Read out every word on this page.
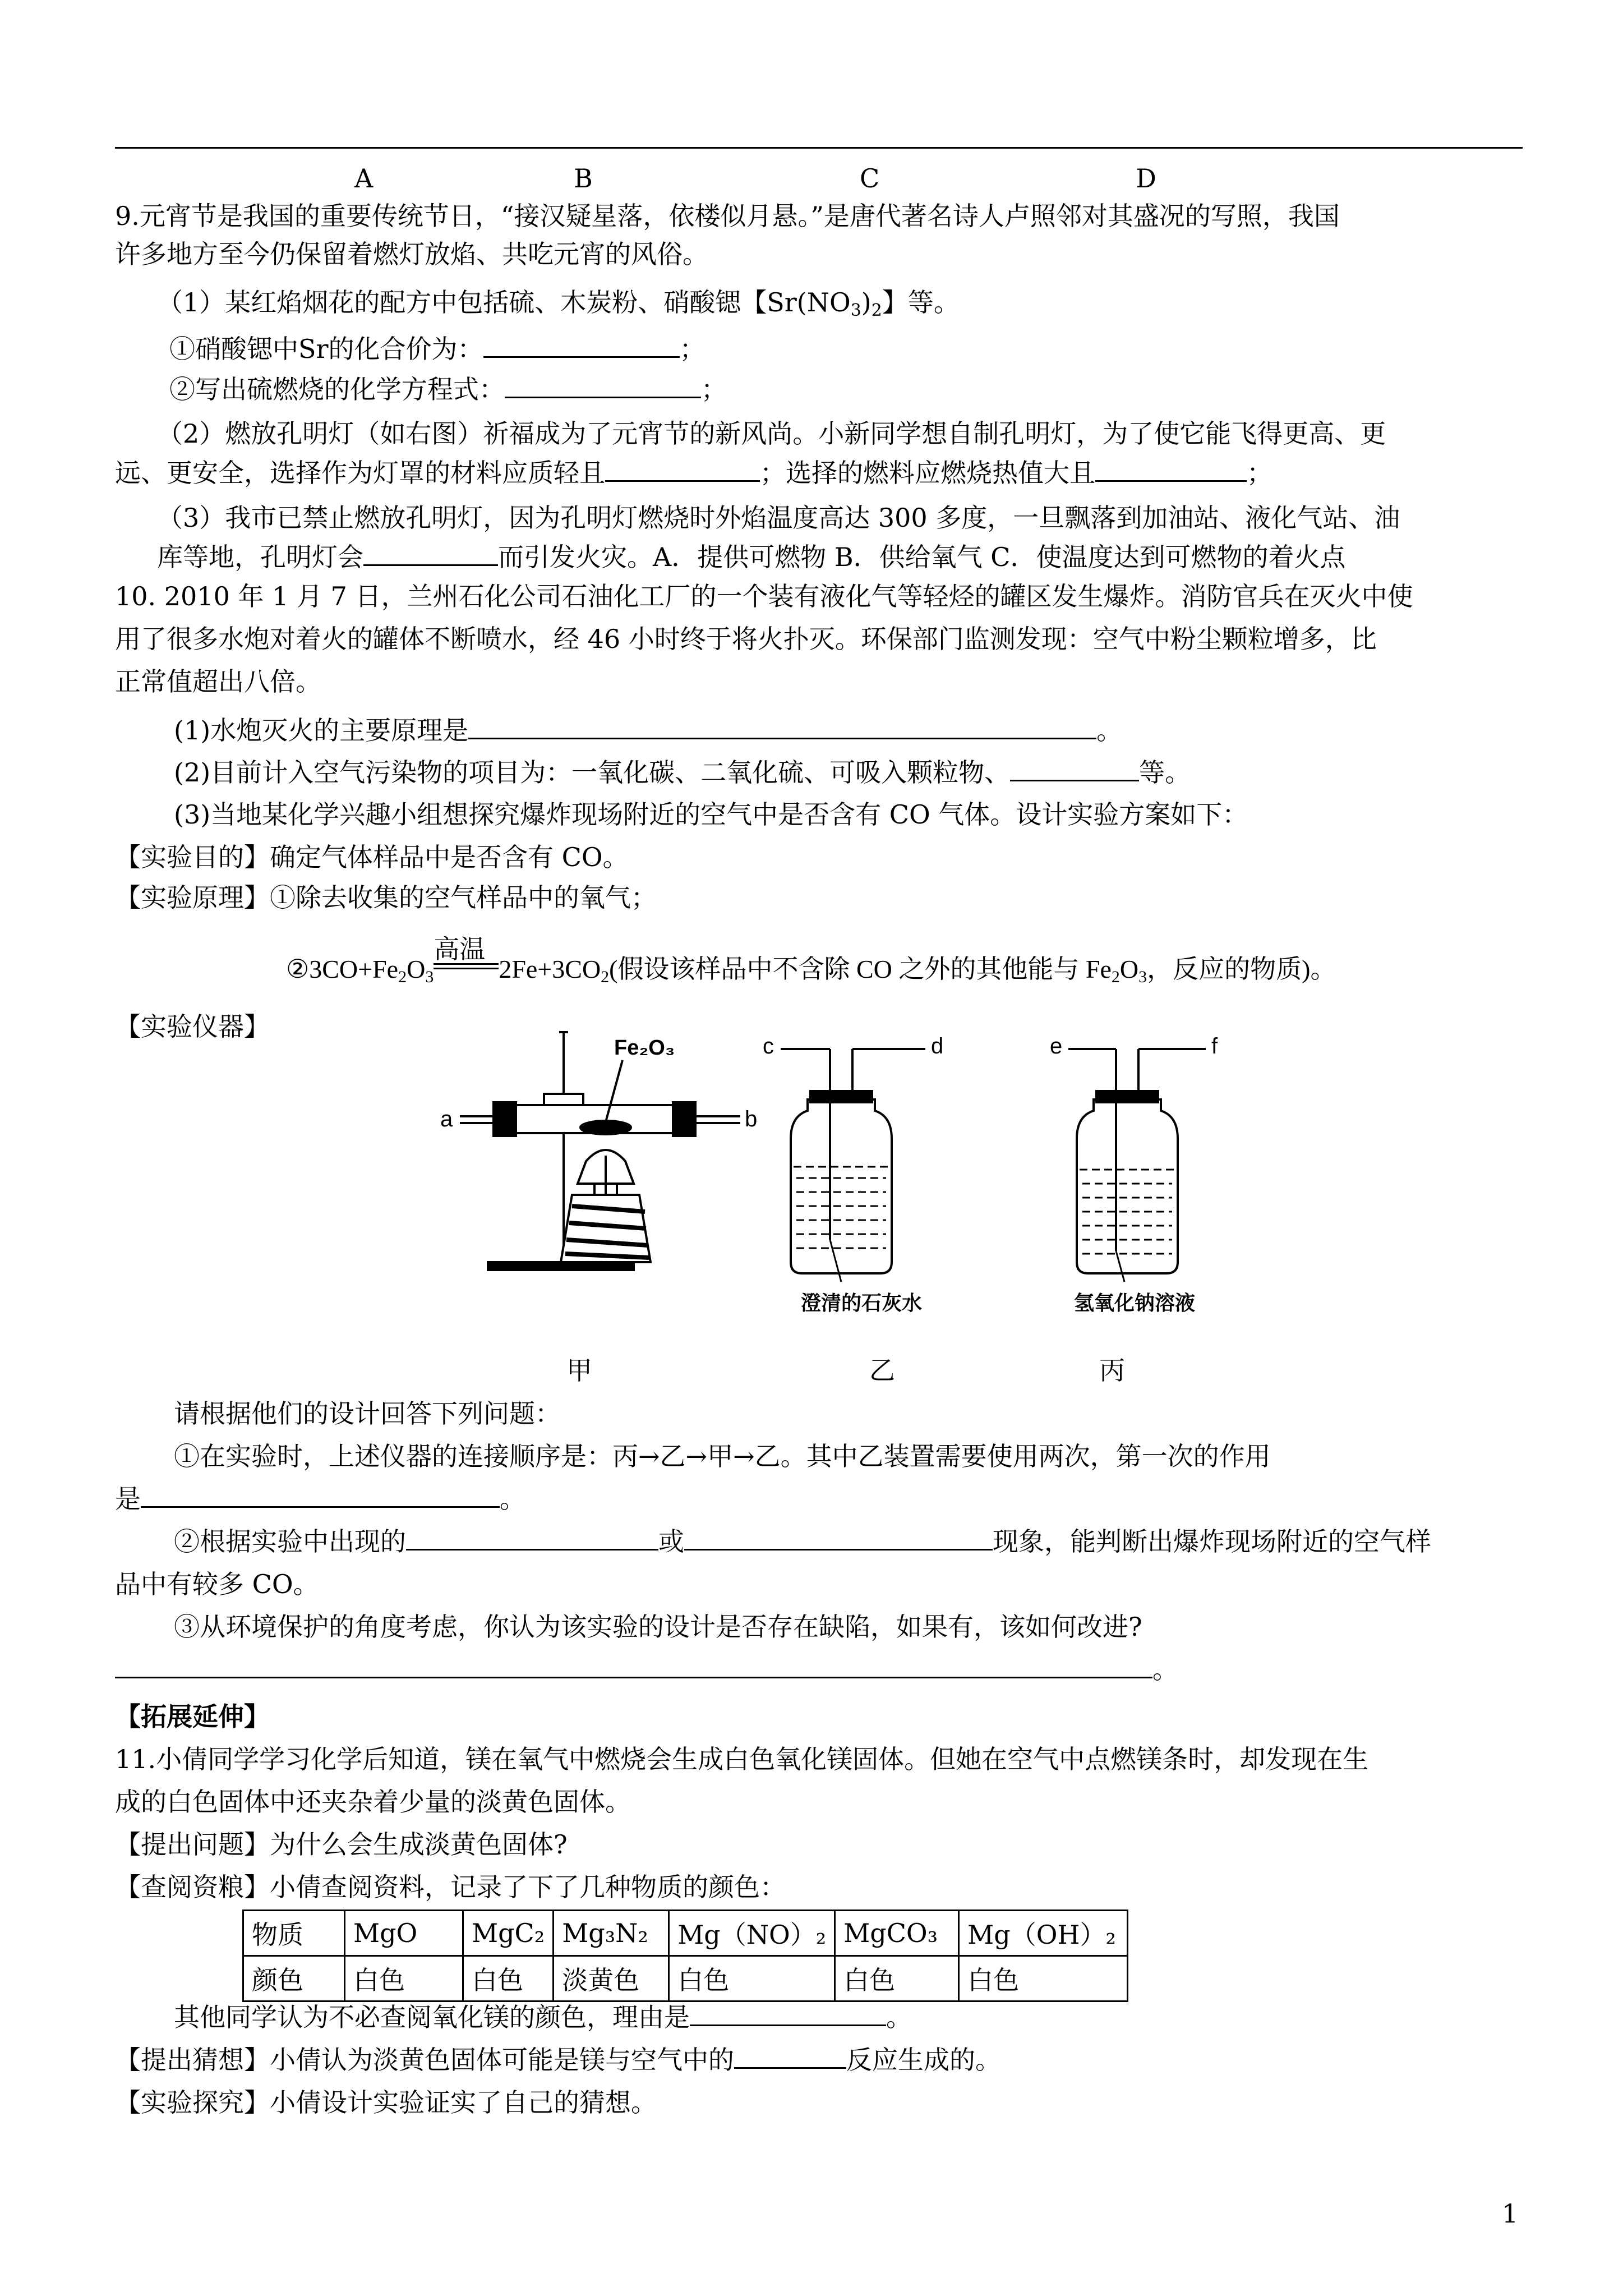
A	B	C	D
9.元宵节是我国的重要传统节日，“接汉疑星落，依楼似月悬。”是唐代著名诗人卢照邻对其盛况的写照，我国
许多地方至今仍保留着燃灯放焰、共吃元宵的风俗。
（1）某红焰烟花的配方中包括硫、木炭粉、硝酸锶【$Sr(NO_3)_2$】等。
①硝酸锶中Sr的化合价为：	；
②写出硫燃烧的化学方程式：	；
（2）燃放孔明灯（如右图）祈福成为了元宵节的新风尚。小新同学想自制孔明灯，为了使它能飞得更高、更
远、更安全，选择作为灯罩的材料应质轻且	；选择的燃料应燃烧热值大且	；
（3）我市已禁止燃放孔明灯，因为孔明灯燃烧时外焰温度高达 300 多度，一旦飘落到加油站、液化气站、油
库等地，孔明灯会	而引发火灾。A．提供可燃物 B．供给氧气 C．使温度达到可燃物的着火点
10. 2010 年 1 月 7 日，兰州石化公司石油化工厂的一个装有液化气等轻烃的罐区发生爆炸。消防官兵在灭火中使
用了很多水炮对着火的罐体不断喷水，经 46 小时终于将火扑灭。环保部门监测发现：空气中粉尘颗粒增多，比
正常值超出八倍。
(1)水炮灭火的主要原理是	。
(2)目前计入空气污染物的项目为：一氧化碳、二氧化硫、可吸入颗粒物、	等。
(3)当地某化学兴趣小组想探究爆炸现场附近的空气中是否含有 CO 气体。设计实验方案如下：
【实验目的】确定气体样品中是否含有 CO。
【实验原理】①除去收集的空气样品中的氧气；
$②3CO+Fe_2O_3$
高温
$2Fe+3CO_2$(假设该样品中不含除 CO 之外的其他能与 $Fe_2O_3$，反应的物质)。
【实验仪器】
Fe₂O₃
a	b
c	d
澄清的石灰水
e	f
氢氧化钠溶液
甲	乙	丙
请根据他们的设计回答下列问题：
①在实验时，上述仪器的连接顺序是：丙→乙→甲→乙。其中乙装置需要使用两次，第一次的作用
是	。
②根据实验中出现的	或	现象，能判断出爆炸现场附近的空气样
品中有较多 CO。
③从环境保护的角度考虑，你认为该实验的设计是否存在缺陷，如果有，该如何改进?
。
【拓展延伸】
11.小倩同学学习化学后知道，镁在氧气中燃烧会生成白色氧化镁固体。但她在空气中点燃镁条时，却发现在生
成的白色固体中还夹杂着少量的淡黄色固体。
【提出问题】为什么会生成淡黄色固体?
【查阅资粮】小倩查阅资料，记录了下了几种物质的颜色：
物质	MgO	MgC₂	Mg₃N₂	Mg（NO）₂	MgCO₃	Mg（OH）₂
颜色	白色	白色	淡黄色	白色	白色	白色
其他同学认为不必查阅氧化镁的颜色，理由是	。
【提出猜想】小倩认为淡黄色固体可能是镁与空气中的	反应生成的。
【实验探究】小倩设计实验证实了自己的猜想。
1
